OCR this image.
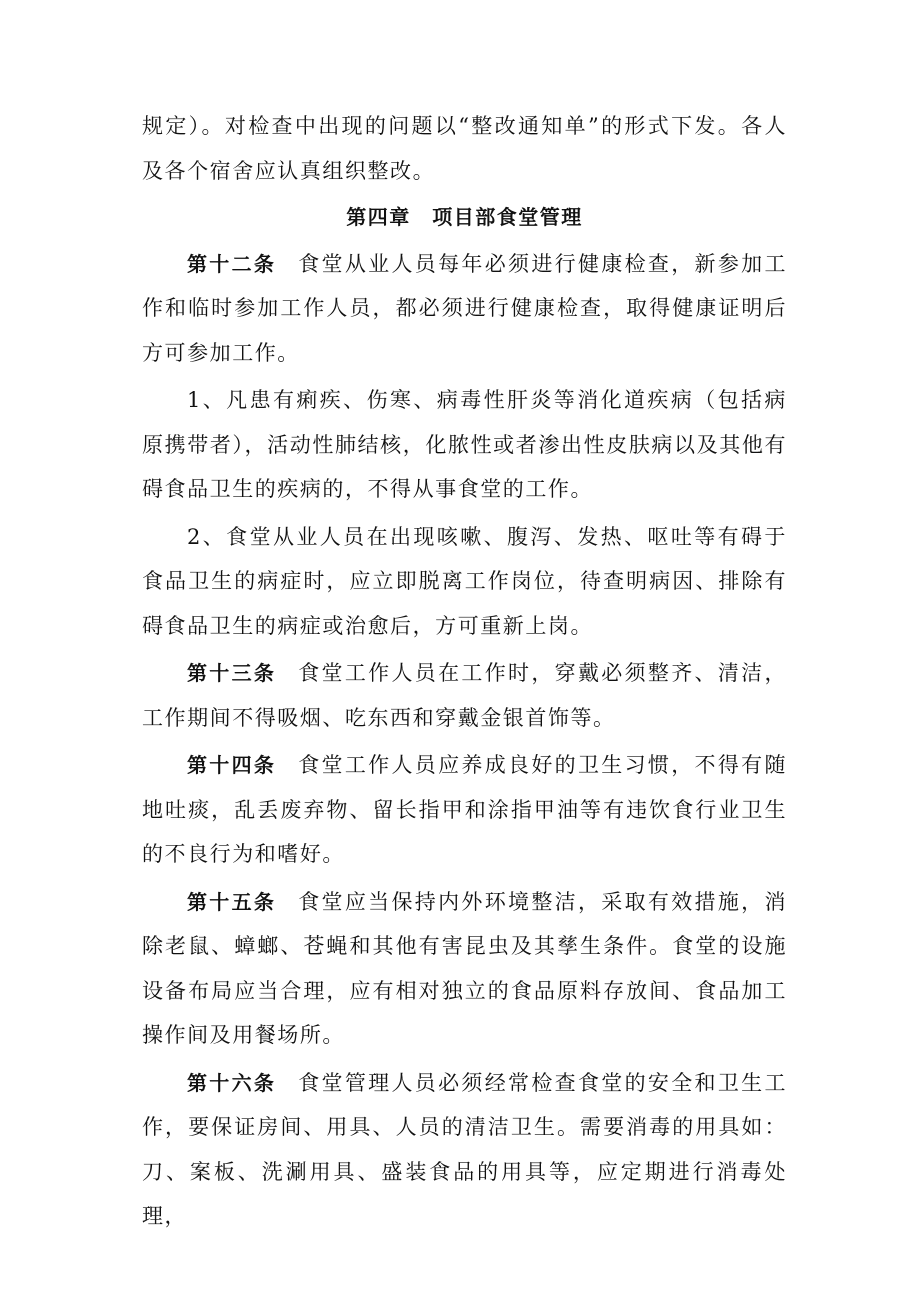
规定）。对检查中出现的问题以“整改通知单”的形式下发。各人及各个宿舍应认真组织整改。

第四章　项目部食堂管理

第十二条 食堂从业人员每年必须进行健康检查，新参加工作和临时参加工作人员，都必须进行健康检查，取得健康证明后方可参加工作。

1、凡患有痢疾、伤寒、病毒性肝炎等消化道疾病（包括病原携带者），活动性肺结核，化脓性或者渗出性皮肤病以及其他有碍食品卫生的疾病的，不得从事食堂的工作。

2、食堂从业人员在出现咳嗽、腹泻、发热、呕吐等有碍于食品卫生的病症时，应立即脱离工作岗位，待查明病因、排除有碍食品卫生的病症或治愈后，方可重新上岗。

第十三条 食堂工作人员在工作时，穿戴必须整齐、清洁，工作期间不得吸烟、吃东西和穿戴金银首饰等。

第十四条 食堂工作人员应养成良好的卫生习惯，不得有随地吐痰，乱丢废弃物、留长指甲和涂指甲油等有违饮食行业卫生的不良行为和嗜好。

第十五条 食堂应当保持内外环境整洁，采取有效措施，消除老鼠、蟑螂、苍蝇和其他有害昆虫及其孳生条件。食堂的设施设备布局应当合理，应有相对独立的食品原料存放间、食品加工操作间及用餐场所。

第十六条 食堂管理人员必须经常检查食堂的安全和卫生工作，要保证房间、用具、人员的清洁卫生。需要消毒的用具如：刀、案板、洗涮用具、盛装食品的用具等，应定期进行消毒处理，
